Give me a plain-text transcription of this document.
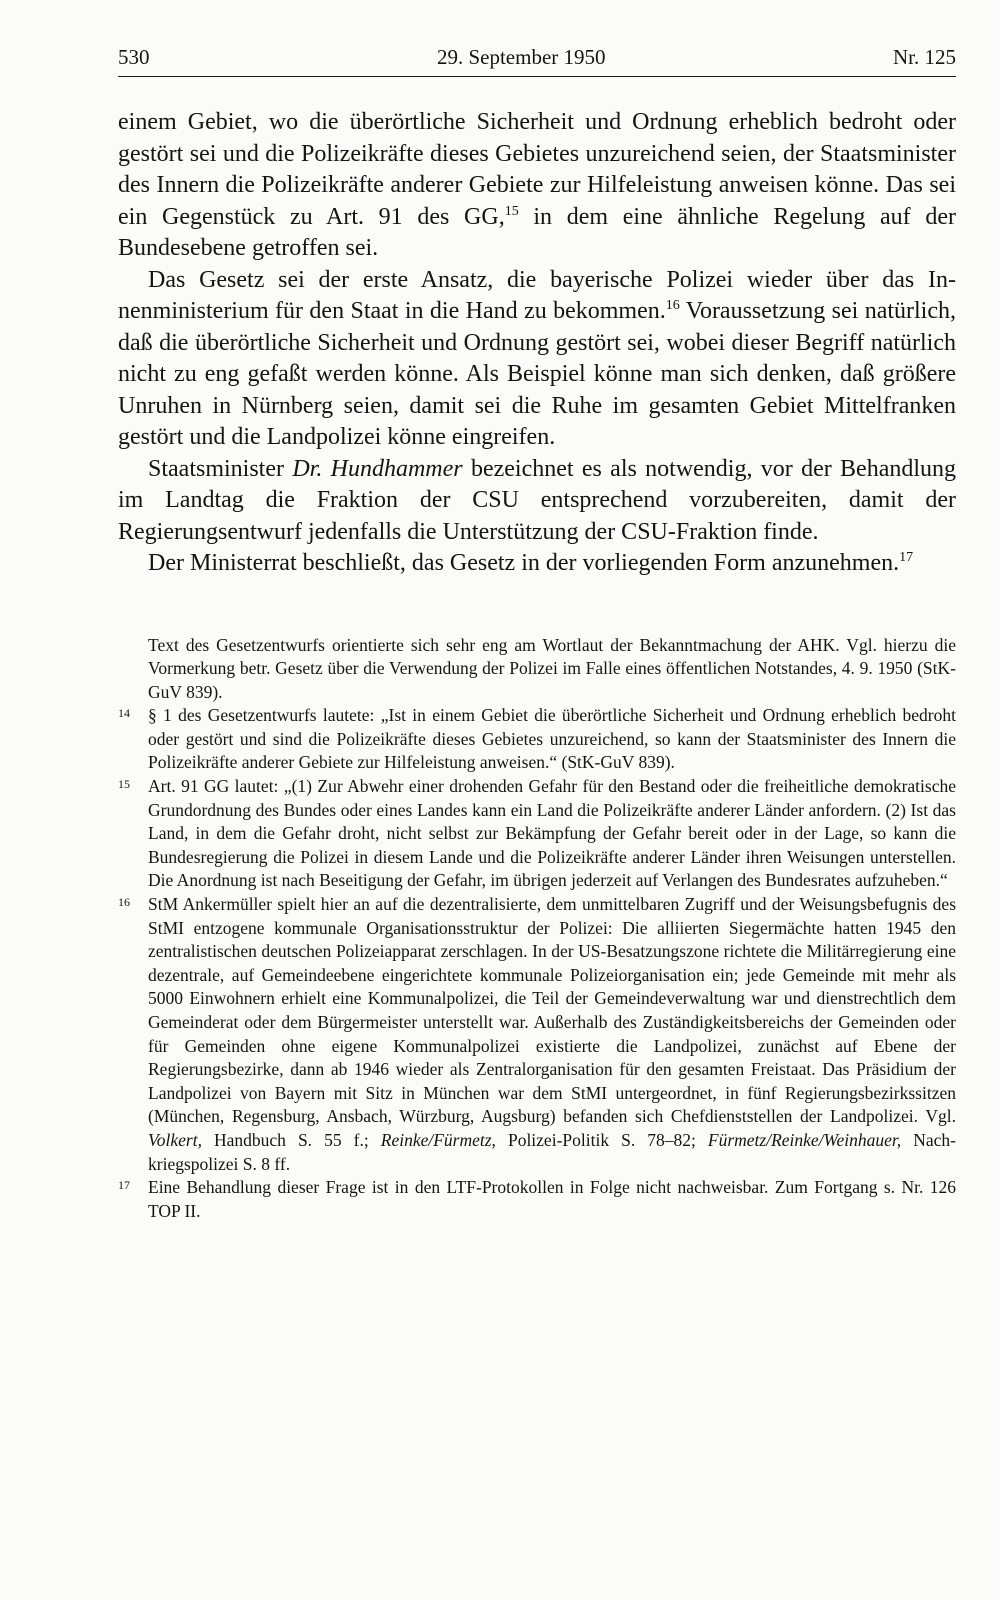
530	29. September 1950	Nr. 125

einem Gebiet, wo die überörtliche Sicherheit und Ordnung erheblich bedroht oder gestört sei und die Polizeikräfte dieses Gebietes unzureichend seien, der Staatsminister des Innern die Polizeikräfte anderer Gebiete zur Hilfeleistung anweisen könne. Das sei ein Gegenstück zu Art. 91 des GG,$^{15}$ in dem eine ähnliche Regelung auf der Bundesebene getroffen sei.

Das Gesetz sei der erste Ansatz, die bayerische Polizei wieder über das Innenministerium für den Staat in die Hand zu bekommen.$^{16}$ Voraussetzung sei natürlich, daß die überörtliche Sicherheit und Ordnung gestört sei, wobei dieser Begriff natürlich nicht zu eng gefaßt werden könne. Als Beispiel könne man sich denken, daß größere Unruhen in Nürnberg seien, damit sei die Ruhe im gesamten Gebiet Mittelfranken gestört und die Landpolizei könne eingreifen.

Staatsminister Dr. Hundhammer bezeichnet es als notwendig, vor der Behandlung im Landtag die Fraktion der CSU entsprechend vorzubereiten, damit der Regierungsentwurf jedenfalls die Unterstützung der CSU-Fraktion finde.

Der Ministerrat beschließt, das Gesetz in der vorliegenden Form anzunehmen.$^{17}$

Text des Gesetzentwurfs orientierte sich sehr eng am Wortlaut der Bekanntmachung der AHK. Vgl. hierzu die Vormerkung betr. Gesetz über die Verwendung der Polizei im Falle eines öffentlichen Notstandes, 4. 9. 1950 (StK-GuV 839).

14 § 1 des Gesetzentwurfs lautete: „Ist in einem Gebiet die überörtliche Sicherheit und Ordnung erheblich bedroht oder gestört und sind die Polizeikräfte dieses Gebietes unzureichend, so kann der Staatsminister des Innern die Polizeikräfte anderer Gebiete zur Hilfeleistung anweisen.“ (StK-GuV 839).

15 Art. 91 GG lautet: „(1) Zur Abwehr einer drohenden Gefahr für den Bestand oder die freiheitliche demokratische Grundordnung des Bundes oder eines Landes kann ein Land die Polizeikräfte anderer Länder anfordern. (2) Ist das Land, in dem die Gefahr droht, nicht selbst zur Bekämpfung der Gefahr bereit oder in der Lage, so kann die Bundesregierung die Polizei in diesem Lande und die Polizeikräfte anderer Länder ihren Weisungen unterstellen. Die Anordnung ist nach Beseitigung der Gefahr, im übrigen jederzeit auf Verlangen des Bundesrates aufzuheben.“

16 StM Ankermüller spielt hier an auf die dezentralisierte, dem unmittelbaren Zugriff und der Weisungsbefugnis des StMI entzogene kommunale Organisationsstruktur der Polizei: Die alliierten Siegermächte hatten 1945 den zentralistischen deutschen Polizeiapparat zerschlagen. In der US-Besatzungszone richtete die Militärregierung eine dezentrale, auf Gemeindeebene eingerichtete kommunale Polizeiorganisation ein; jede Gemeinde mit mehr als 5000 Einwohnern erhielt eine Kommunalpolizei, die Teil der Gemeindeverwaltung war und dienstrechtlich dem Gemeinderat oder dem Bürgermeister unterstellt war. Außerhalb des Zuständigkeitsbereichs der Gemeinden oder für Gemeinden ohne eigene Kommunalpolizei existierte die Landpolizei, zunächst auf Ebene der Regierungsbezirke, dann ab 1946 wieder als Zentralorganisation für den gesamten Freistaat. Das Präsidium der Landpolizei von Bayern mit Sitz in München war dem StMI untergeordnet, in fünf Regierungsbezirkssitzen (München, Regensburg, Ansbach, Würzburg, Augsburg) befanden sich Chefdienststellen der Landpolizei. Vgl. Volkert, Handbuch S. 55 f.; Reinke/Fürmetz, Polizei-Politik S. 78–82; Fürmetz/Reinke/Weinhauer, Nachkriegspolizei S. 8 ff.

17 Eine Behandlung dieser Frage ist in den LTF-Protokollen in Folge nicht nachweisbar. Zum Fortgang s. Nr. 126 TOP II.
